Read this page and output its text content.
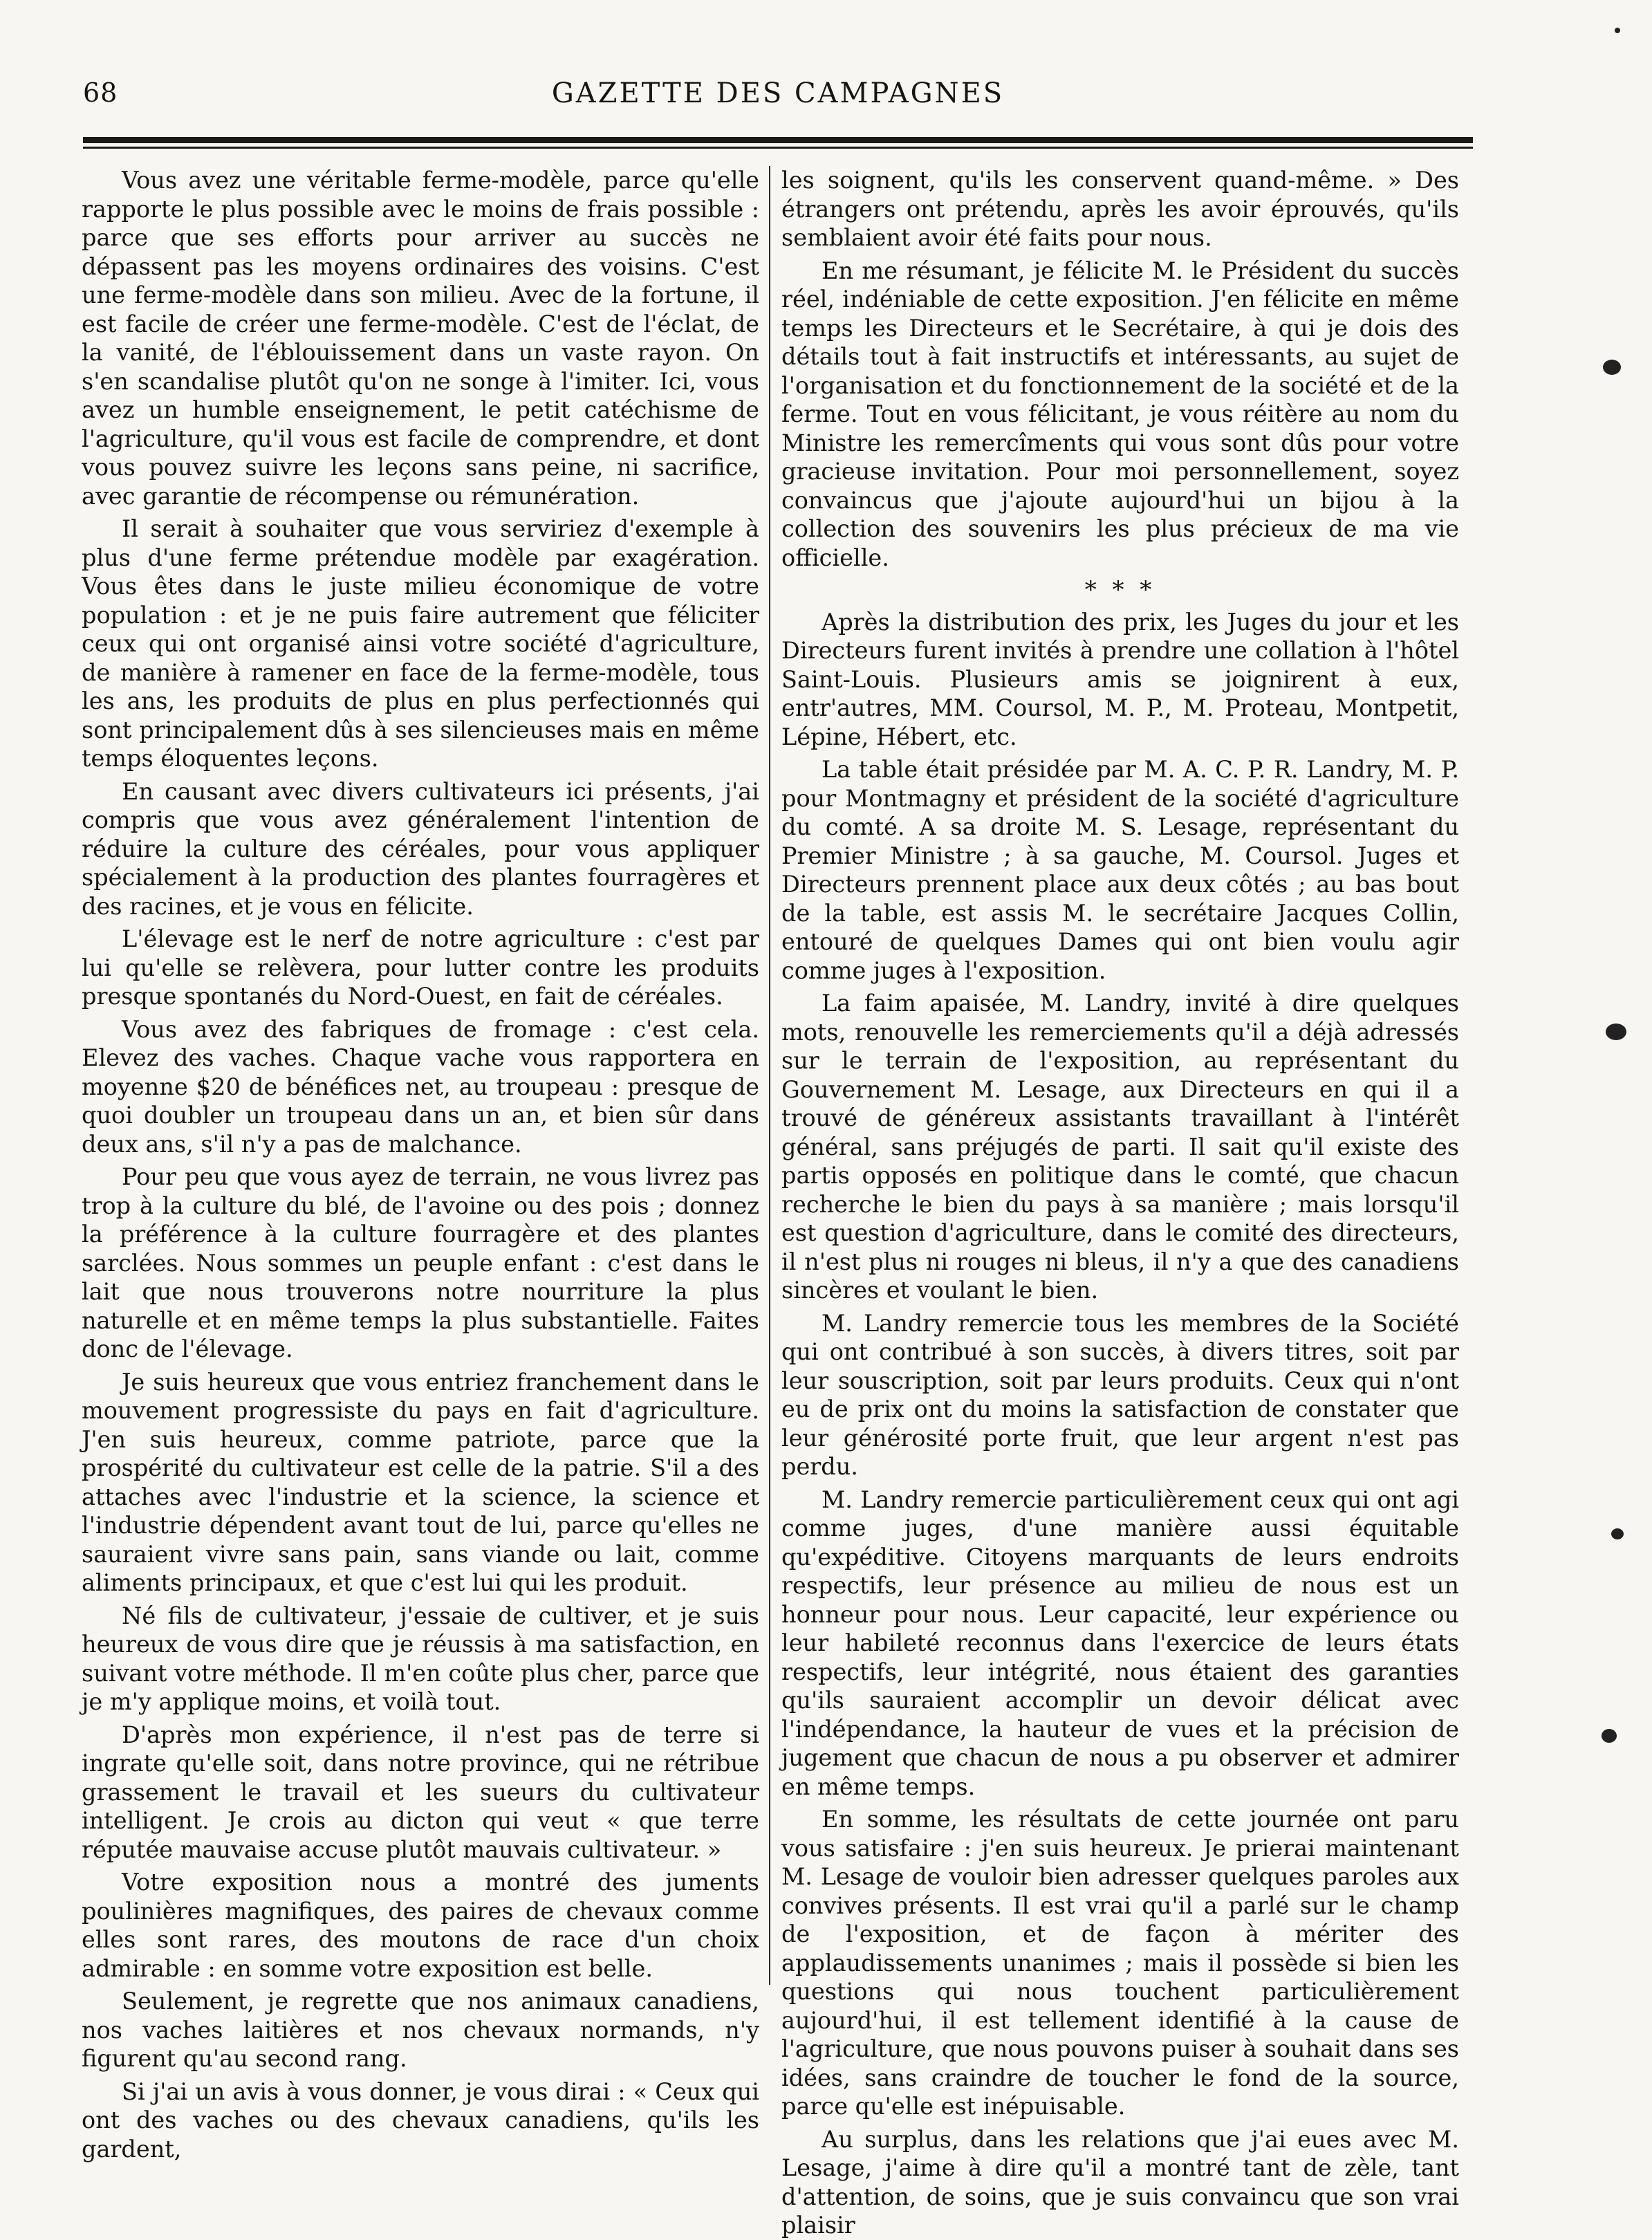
68	GAZETTE DES CAMPAGNES

Vous avez une véritable ferme-modèle, parce qu'elle rapporte le plus possible avec le moins de frais possible : parce que ses efforts pour arriver au succès ne dépassent pas les moyens ordinaires des voisins. C'est une ferme-modèle dans son milieu. Avec de la fortune, il est facile de créer une ferme-modèle. C'est de l'éclat, de la vanité, de l'éblouissement dans un vaste rayon. On s'en scandalise plutôt qu'on ne songe à l'imiter. Ici, vous avez un humble enseignement, le petit catéchisme de l'agriculture, qu'il vous est facile de comprendre, et dont vous pouvez suivre les leçons sans peine, ni sacrifice, avec garantie de récompense ou rémunération.

Il serait à souhaiter que vous serviriez d'exemple à plus d'une ferme prétendue modèle par exagération. Vous êtes dans le juste milieu économique de votre population : et je ne puis faire autrement que féliciter ceux qui ont organisé ainsi votre société d'agriculture, de manière à ramener en face de la ferme-modèle, tous les ans, les produits de plus en plus perfectionnés qui sont principalement dûs à ses silencieuses mais en même temps éloquentes leçons.

En causant avec divers cultivateurs ici présents, j'ai compris que vous avez généralement l'intention de réduire la culture des céréales, pour vous appliquer spécialement à la production des plantes fourragères et des racines, et je vous en félicite.

L'élevage est le nerf de notre agriculture : c'est par lui qu'elle se relèvera, pour lutter contre les produits presque spontanés du Nord-Ouest, en fait de céréales.

Vous avez des fabriques de fromage : c'est cela. Elevez des vaches. Chaque vache vous rapportera en moyenne $20 de bénéfices net, au troupeau : presque de quoi doubler un troupeau dans un an, et bien sûr dans deux ans, s'il n'y a pas de malchance.

Pour peu que vous ayez de terrain, ne vous livrez pas trop à la culture du blé, de l'avoine ou des pois ; donnez la préférence à la culture fourragère et des plantes sarclées. Nous sommes un peuple enfant : c'est dans le lait que nous trouverons notre nourriture la plus naturelle et en même temps la plus substantielle. Faites donc de l'élevage.

Je suis heureux que vous entriez franchement dans le mouvement progressiste du pays en fait d'agriculture. J'en suis heureux, comme patriote, parce que la prospérité du cultivateur est celle de la patrie. S'il a des attaches avec l'industrie et la science, la science et l'industrie dépendent avant tout de lui, parce qu'elles ne sauraient vivre sans pain, sans viande ou lait, comme aliments principaux, et que c'est lui qui les produit.

Né fils de cultivateur, j'essaie de cultiver, et je suis heureux de vous dire que je réussis à ma satisfaction, en suivant votre méthode. Il m'en coûte plus cher, parce que je m'y applique moins, et voilà tout.

D'après mon expérience, il n'est pas de terre si ingrate qu'elle soit, dans notre province, qui ne rétribue grassement le travail et les sueurs du cultivateur intelligent. Je crois au dicton qui veut « que terre réputée mauvaise accuse plutôt mauvais cultivateur. »

Votre exposition nous a montré des juments poulinières magnifiques, des paires de chevaux comme elles sont rares, des moutons de race d'un choix admirable : en somme votre exposition est belle.

Seulement, je regrette que nos animaux canadiens, nos vaches laitières et nos chevaux normands, n'y figurent qu'au second rang.

Si j'ai un avis à vous donner, je vous dirai : « Ceux qui ont des vaches ou des chevaux canadiens, qu'ils les gardent,

les soignent, qu'ils les conservent quand-même. » Des étrangers ont prétendu, après les avoir éprouvés, qu'ils semblaient avoir été faits pour nous.

En me résumant, je félicite M. le Président du succès réel, indéniable de cette exposition. J'en félicite en même temps les Directeurs et le Secrétaire, à qui je dois des détails tout à fait instructifs et intéressants, au sujet de l'organisation et du fonctionnement de la société et de la ferme. Tout en vous félicitant, je vous réitère au nom du Ministre les remercîments qui vous sont dûs pour votre gracieuse invitation. Pour moi personnellement, soyez convaincus que j'ajoute aujourd'hui un bijou à la collection des souvenirs les plus précieux de ma vie officielle.

* * *

Après la distribution des prix, les Juges du jour et les Directeurs furent invités à prendre une collation à l'hôtel Saint-Louis. Plusieurs amis se joignirent à eux, entr'autres, MM. Coursol, M. P., M. Proteau, Montpetit, Lépine, Hébert, etc.

La table était présidée par M. A. C. P. R. Landry, M. P. pour Montmagny et président de la société d'agriculture du comté. A sa droite M. S. Lesage, représentant du Premier Ministre ; à sa gauche, M. Coursol. Juges et Directeurs prennent place aux deux côtés ; au bas bout de la table, est assis M. le secrétaire Jacques Collin, entouré de quelques Dames qui ont bien voulu agir comme juges à l'exposition.

La faim apaisée, M. Landry, invité à dire quelques mots, renouvelle les remerciements qu'il a déjà adressés sur le terrain de l'exposition, au représentant du Gouvernement M. Lesage, aux Directeurs en qui il a trouvé de généreux assistants travaillant à l'intérêt général, sans préjugés de parti. Il sait qu'il existe des partis opposés en politique dans le comté, que chacun recherche le bien du pays à sa manière ; mais lorsqu'il est question d'agriculture, dans le comité des directeurs, il n'est plus ni rouges ni bleus, il n'y a que des canadiens sincères et voulant le bien.

M. Landry remercie tous les membres de la Société qui ont contribué à son succès, à divers titres, soit par leur souscription, soit par leurs produits. Ceux qui n'ont eu de prix ont du moins la satisfaction de constater que leur générosité porte fruit, que leur argent n'est pas perdu.

M. Landry remercie particulièrement ceux qui ont agi comme juges, d'une manière aussi équitable qu'expéditive. Citoyens marquants de leurs endroits respectifs, leur présence au milieu de nous est un honneur pour nous. Leur capacité, leur expérience ou leur habileté reconnus dans l'exercice de leurs états respectifs, leur intégrité, nous étaient des garanties qu'ils sauraient accomplir un devoir délicat avec l'indépendance, la hauteur de vues et la précision de jugement que chacun de nous a pu observer et admirer en même temps.

En somme, les résultats de cette journée ont paru vous satisfaire : j'en suis heureux. Je prierai maintenant M. Lesage de vouloir bien adresser quelques paroles aux convives présents. Il est vrai qu'il a parlé sur le champ de l'exposition, et de façon à mériter des applaudissements unanimes ; mais il possède si bien les questions qui nous touchent particulièrement aujourd'hui, il est tellement identifié à la cause de l'agriculture, que nous pouvons puiser à souhait dans ses idées, sans craindre de toucher le fond de la source, parce qu'elle est inépuisable.

Au surplus, dans les relations que j'ai eues avec M. Lesage, j'aime à dire qu'il a montré tant de zèle, tant d'attention, de soins, que je suis convaincu que son vrai plaisir
